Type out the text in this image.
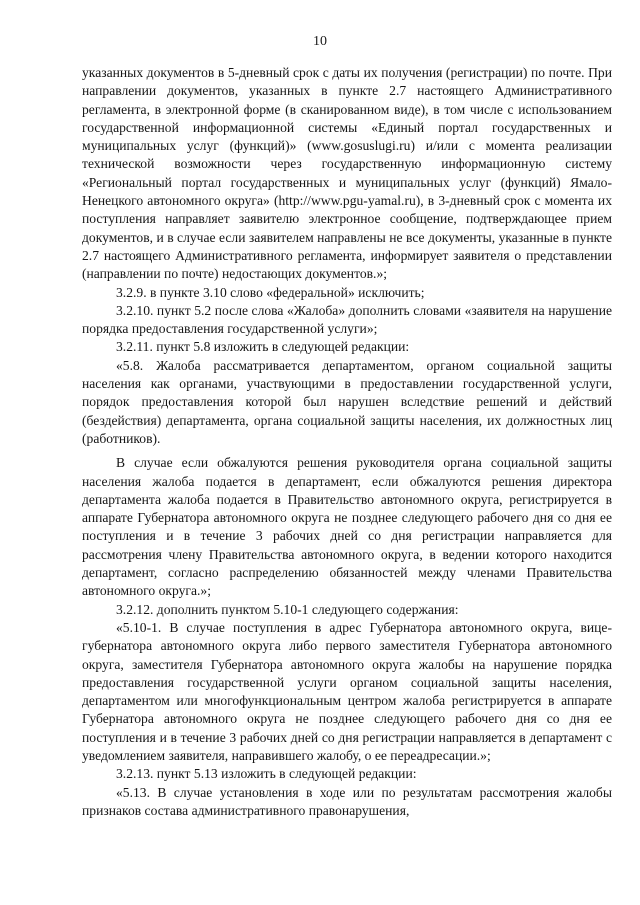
10

указанных документов в 5-дневный срок с даты их получения (регистрации) по почте. При направлении документов, указанных в пункте 2.7 настоящего Административного регламента, в электронной форме (в сканированном виде), в том числе с использованием государственной информационной системы «Единый портал государственных и муниципальных услуг (функций)» (www.gosuslugi.ru) и/или с момента реализации технической возможности через государственную информационную систему «Региональный портал государственных и муниципальных услуг (функций) Ямало-Ненецкого автономного округа» (http://www.pgu-yamal.ru), в 3-дневный срок с момента их поступления направляет заявителю электронное сообщение, подтверждающее прием документов, и в случае если заявителем направлены не все документы, указанные в пункте 2.7 настоящего Административного регламента, информирует заявителя о представлении (направлении по почте) недостающих документов.»;

3.2.9. в пункте 3.10 слово «федеральной» исключить;

3.2.10. пункт 5.2 после слова «Жалоба» дополнить словами «заявителя на нарушение порядка предоставления государственной услуги»;

3.2.11. пункт 5.8 изложить в следующей редакции:

«5.8. Жалоба рассматривается департаментом, органом социальной защиты населения как органами, участвующими в предоставлении государственной услуги, порядок предоставления которой был нарушен вследствие решений и действий (бездействия) департамента, органа социальной защиты населения, их должностных лиц (работников).

В случае если обжалуются решения руководителя органа социальной защиты населения жалоба подается в департамент, если обжалуются решения директора департамента жалоба подается в Правительство автономного округа, регистрируется в аппарате Губернатора автономного округа не позднее следующего рабочего дня со дня ее поступления и в течение 3 рабочих дней со дня регистрации направляется для рассмотрения члену Правительства автономного округа, в ведении которого находится департамент, согласно распределению обязанностей между членами Правительства автономного округа.»;

3.2.12. дополнить пунктом 5.10-1 следующего содержания:

«5.10-1. В случае поступления в адрес Губернатора автономного округа, вице-губернатора автономного округа либо первого заместителя Губернатора автономного округа, заместителя Губернатора автономного округа жалобы на нарушение порядка предоставления государственной услуги органом социальной защиты населения, департаментом или многофункциональным центром жалоба регистрируется в аппарате Губернатора автономного округа не позднее следующего рабочего дня со дня ее поступления и в течение 3 рабочих дней со дня регистрации направляется в департамент с уведомлением заявителя, направившего жалобу, о ее переадресации.»;

3.2.13. пункт 5.13 изложить в следующей редакции:

«5.13. В случае установления в ходе или по результатам рассмотрения жалобы признаков состава административного правонарушения,
